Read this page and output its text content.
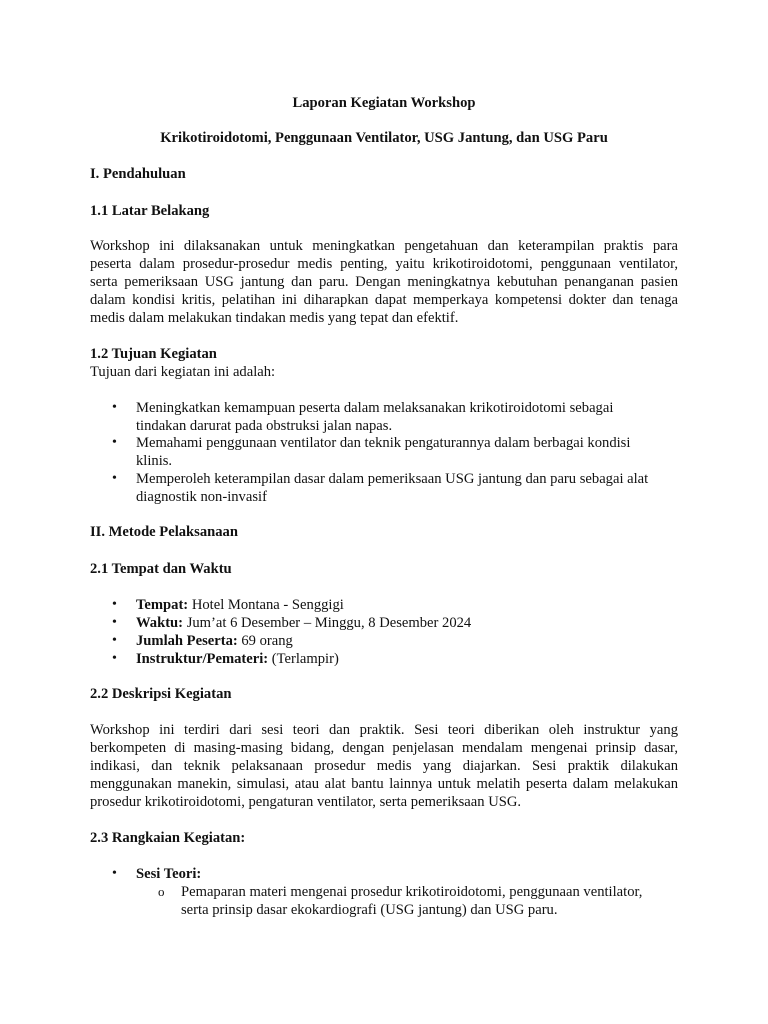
Laporan Kegiatan Workshop
Krikotiroidotomi, Penggunaan Ventilator, USG Jantung, dan USG Paru
I. Pendahuluan
1.1 Latar Belakang
Workshop ini dilaksanakan untuk meningkatkan pengetahuan dan keterampilan praktis para
peserta dalam prosedur-prosedur medis penting, yaitu krikotiroidotomi, penggunaan ventilator,
serta pemeriksaan USG jantung dan paru. Dengan meningkatnya kebutuhan penanganan pasien
dalam kondisi kritis, pelatihan ini diharapkan dapat memperkaya kompetensi dokter dan tenaga
medis dalam melakukan tindakan medis yang tepat dan efektif.
1.2 Tujuan Kegiatan
Tujuan dari kegiatan ini adalah:
• Meningkatkan kemampuan peserta dalam melaksanakan krikotiroidotomi sebagai
tindakan darurat pada obstruksi jalan napas.
• Memahami penggunaan ventilator dan teknik pengaturannya dalam berbagai kondisi
klinis.
• Memperoleh keterampilan dasar dalam pemeriksaan USG jantung dan paru sebagai alat
diagnostik non-invasif
II. Metode Pelaksanaan
2.1 Tempat dan Waktu
• Tempat: Hotel Montana - Senggigi
• Waktu: Jum’at 6 Desember – Minggu, 8 Desember 2024
• Jumlah Peserta: 69 orang
• Instruktur/Pemateri: (Terlampir)
2.2 Deskripsi Kegiatan
Workshop ini terdiri dari sesi teori dan praktik. Sesi teori diberikan oleh instruktur yang
berkompeten di masing-masing bidang, dengan penjelasan mendalam mengenai prinsip dasar,
indikasi, dan teknik pelaksanaan prosedur medis yang diajarkan. Sesi praktik dilakukan
menggunakan manekin, simulasi, atau alat bantu lainnya untuk melatih peserta dalam melakukan
prosedur krikotiroidotomi, pengaturan ventilator, serta pemeriksaan USG.
2.3 Rangkaian Kegiatan:
• Sesi Teori:
o Pemaparan materi mengenai prosedur krikotiroidotomi, penggunaan ventilator,
serta prinsip dasar ekokardiografi (USG jantung) dan USG paru.
